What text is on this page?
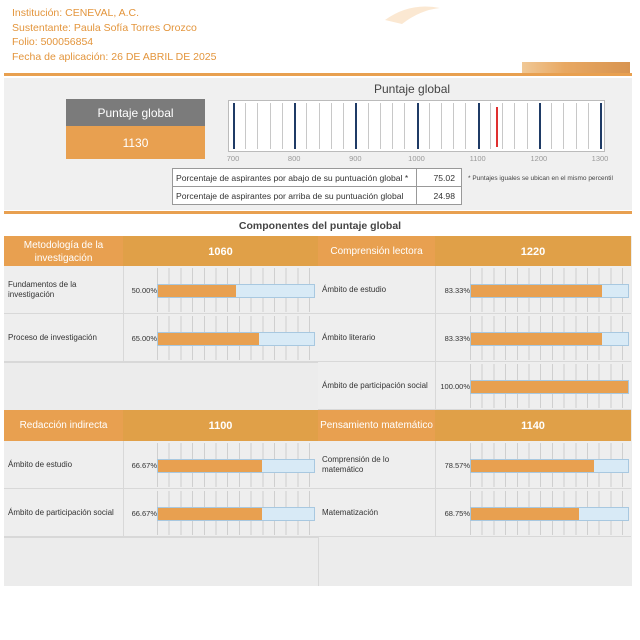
Institución: CENEVAL, A.C.
Sustentante: Paula Sofía Torres Orozco
Folio: 500056854
Fecha de aplicación: 26 DE ABRIL DE 2025
Puntaje global
Puntaje global
1130
700	800	900	1000	1100	1200	1300
Porcentaje de aspirantes por abajo de su puntuación global *	75.02
Porcentaje de aspirantes por arriba de su puntuación global	24.98
* Puntajes iguales se ubican en el mismo percentil
Componentes del puntaje global
Metodología de la investigación
1060
Fundamentos de la investigación	50.00%
Proceso de investigación	65.00%
Comprensión lectora	1220
Ámbito de estudio	83.33%
Ámbito literario	83.33%
Ámbito de participación social	100.00%
Redacción indirecta	1100
Ámbito de estudio	66.67%
Ámbito de participación social	66.67%
Pensamiento matemático	1140
Comprensión de lo matemático	78.57%
Matematización	68.75%
